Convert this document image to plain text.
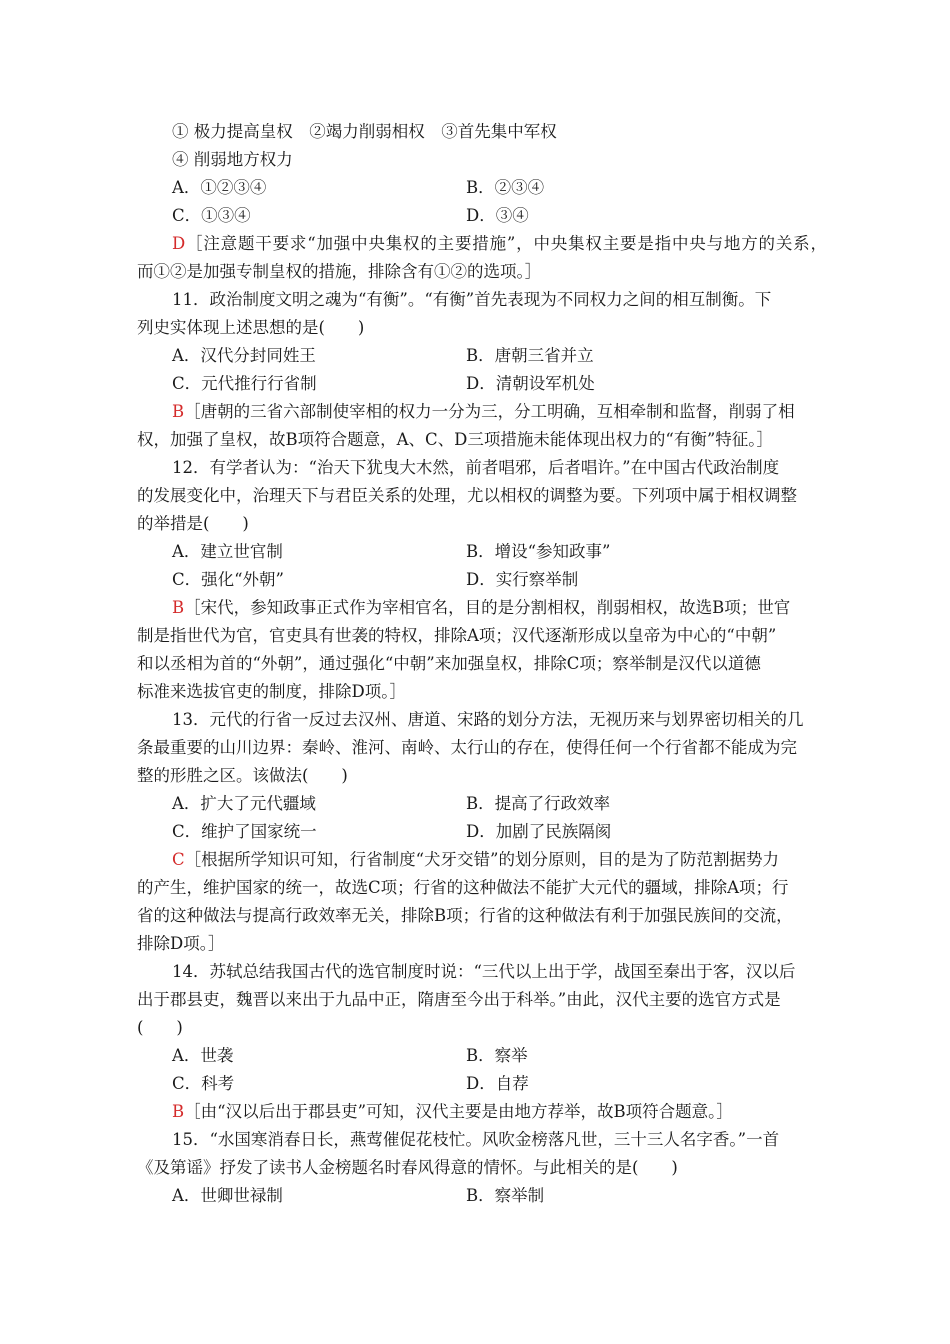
① 极力提高皇权　②竭力削弱相权　③首先集中军权
④ 削弱地方权力
A．①②③④	B．②③④
C．①③④	D．③④
D［注意题干要求“加强中央集权的主要措施”，中央集权主要是指中央与地方的关系，
而①②是加强专制皇权的措施，排除含有①②的选项。］
11．政治制度文明之魂为“有衡”。“有衡”首先表现为不同权力之间的相互制衡。下
列史实体现上述思想的是(　　)
A．汉代分封同姓王	B．唐朝三省并立
C．元代推行行省制	D．清朝设军机处
B［唐朝的三省六部制使宰相的权力一分为三，分工明确，互相牵制和监督，削弱了相
权，加强了皇权，故B项符合题意，A、C、D三项措施未能体现出权力的“有衡”特征。］
12．有学者认为：“治天下犹曳大木然，前者唱邪，后者唱许。”在中国古代政治制度
的发展变化中，治理天下与君臣关系的处理，尤以相权的调整为要。下列项中属于相权调整
的举措是(　　)
A．建立世官制	B．增设“参知政事”
C．强化“外朝”	D．实行察举制
B［宋代，参知政事正式作为宰相官名，目的是分割相权，削弱相权，故选B项；世官
制是指世代为官，官吏具有世袭的特权，排除A项；汉代逐渐形成以皇帝为中心的“中朝”
和以丞相为首的“外朝”，通过强化“中朝”来加强皇权，排除C项；察举制是汉代以道德
标准来选拔官吏的制度，排除D项。］
13．元代的行省一反过去汉州、唐道、宋路的划分方法，无视历来与划界密切相关的几
条最重要的山川边界：秦岭、淮河、南岭、太行山的存在，使得任何一个行省都不能成为完
整的形胜之区。该做法(　　)
A．扩大了元代疆域	B．提高了行政效率
C．维护了国家统一	D．加剧了民族隔阂
C［根据所学知识可知，行省制度“犬牙交错”的划分原则，目的是为了防范割据势力
的产生，维护国家的统一，故选C项；行省的这种做法不能扩大元代的疆域，排除A项；行
省的这种做法与提高行政效率无关，排除B项；行省的这种做法有利于加强民族间的交流，
排除D项。］
14．苏轼总结我国古代的选官制度时说：“三代以上出于学，战国至秦出于客，汉以后
出于郡县吏，魏晋以来出于九品中正，隋唐至今出于科举。”由此，汉代主要的选官方式是
(　　)
A．世袭	B．察举
C．科考	D．自荐
B［由“汉以后出于郡县吏”可知，汉代主要是由地方荐举，故B项符合题意。］
15．“水国寒消春日长，燕莺催促花枝忙。风吹金榜落凡世，三十三人名字香。”一首
《及第谣》抒发了读书人金榜题名时春风得意的情怀。与此相关的是(　　)
A．世卿世禄制	B．察举制
